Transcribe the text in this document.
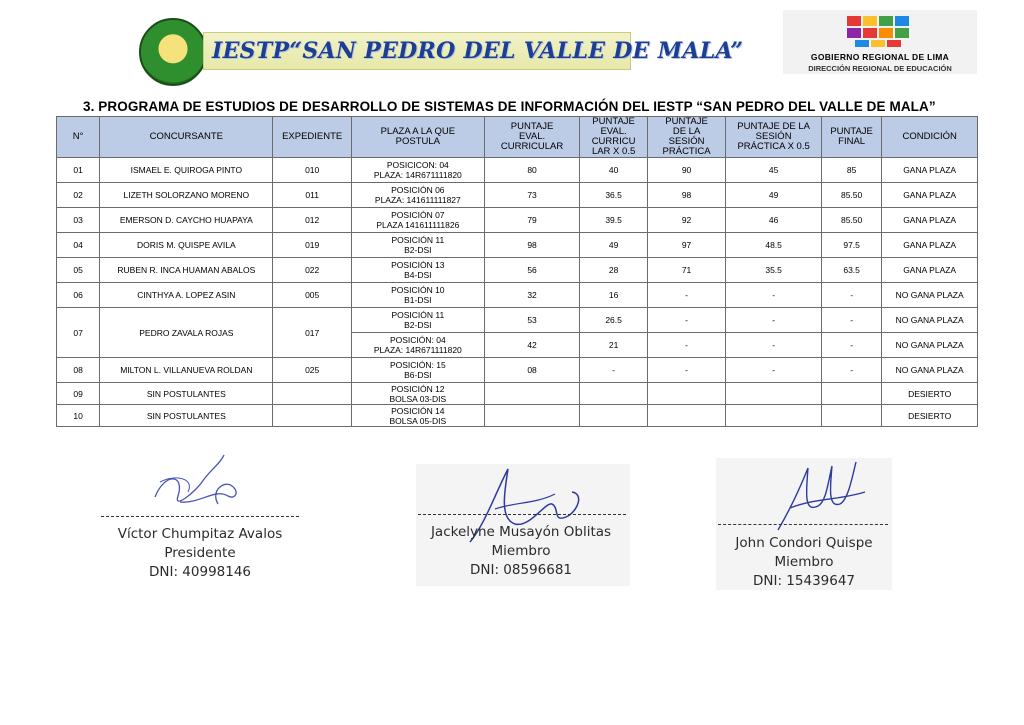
IESTP“SAN PEDRO DEL VALLE DE MALA”	GOBIERNO REGIONAL DE LIMA
DIRECCIÓN REGIONAL DE EDUCACIÓN
3. PROGRAMA DE ESTUDIOS DE DESARROLLO DE SISTEMAS DE INFORMACIÓN DEL IESTP “SAN PEDRO DEL VALLE DE MALA”
N°	CONCURSANTE	EXPEDIENTE	PLAZA A LA QUE
POSTULA	PUNTAJE
EVAL.
CURRICULAR	PUNTAJE
EVAL.
CURRICU
LAR X 0.5	PUNTAJE
DE LA
SESIÓN
PRÁCTICA	PUNTAJE DE LA
SESIÓN
PRÁCTICA X 0.5	PUNTAJE
FINAL	CONDICIÓN
01	ISMAEL E. QUIROGA PINTO	010	POSICICON: 04
PLAZA: 14R671111820	80	40	90	45	85	GANA PLAZA
02	LIZETH SOLORZANO MORENO	011	POSICIÓN 06
PLAZA: 141611111827	73	36.5	98	49	85.50	GANA PLAZA
03	EMERSON D. CAYCHO HUAPAYA	012	POSICIÓN 07
PLAZA 141611111826	79	39.5	92	46	85.50	GANA PLAZA
04	DORIS M. QUISPE AVILA	019	POSICIÓN 11
B2-DSI	98	49	97	48.5	97.5	GANA PLAZA
05	RUBEN R. INCA HUAMAN ABALOS	022	POSICIÓN 13
B4-DSI	56	28	71	35.5	63.5	GANA PLAZA
06	CINTHYA A. LOPEZ ASIN	005	POSICIÓN 10
B1-DSI	32	16	-	-	-	NO GANA PLAZA
07	PEDRO ZAVALA ROJAS	017	POSICIÓN 11
B2-DSI	53	26.5	-	-	-	NO GANA PLAZA

			POSICIÓN: 04
PLAZA: 14R671111820	42	21	-	-	-	NO GANA PLAZA
08	MILTON L. VILLANUEVA ROLDAN	025	POSICIÓN: 15
B6-DSI	08	-	-	-	-	NO GANA PLAZA
09	SIN POSTULANTES		POSICIÓN 12
BOLSA 03-DIS						DESIERTO
10	SIN POSTULANTES		POSICIÓN 14
BOLSA 05-DIS						DESIERTO
Víctor Chumpitaz Avalos
Presidente
DNI: 40998146
Jackelyne Musayón Oblitas
Miembro
DNI: 08596681
John Condori Quispe
Miembro
DNI: 15439647
